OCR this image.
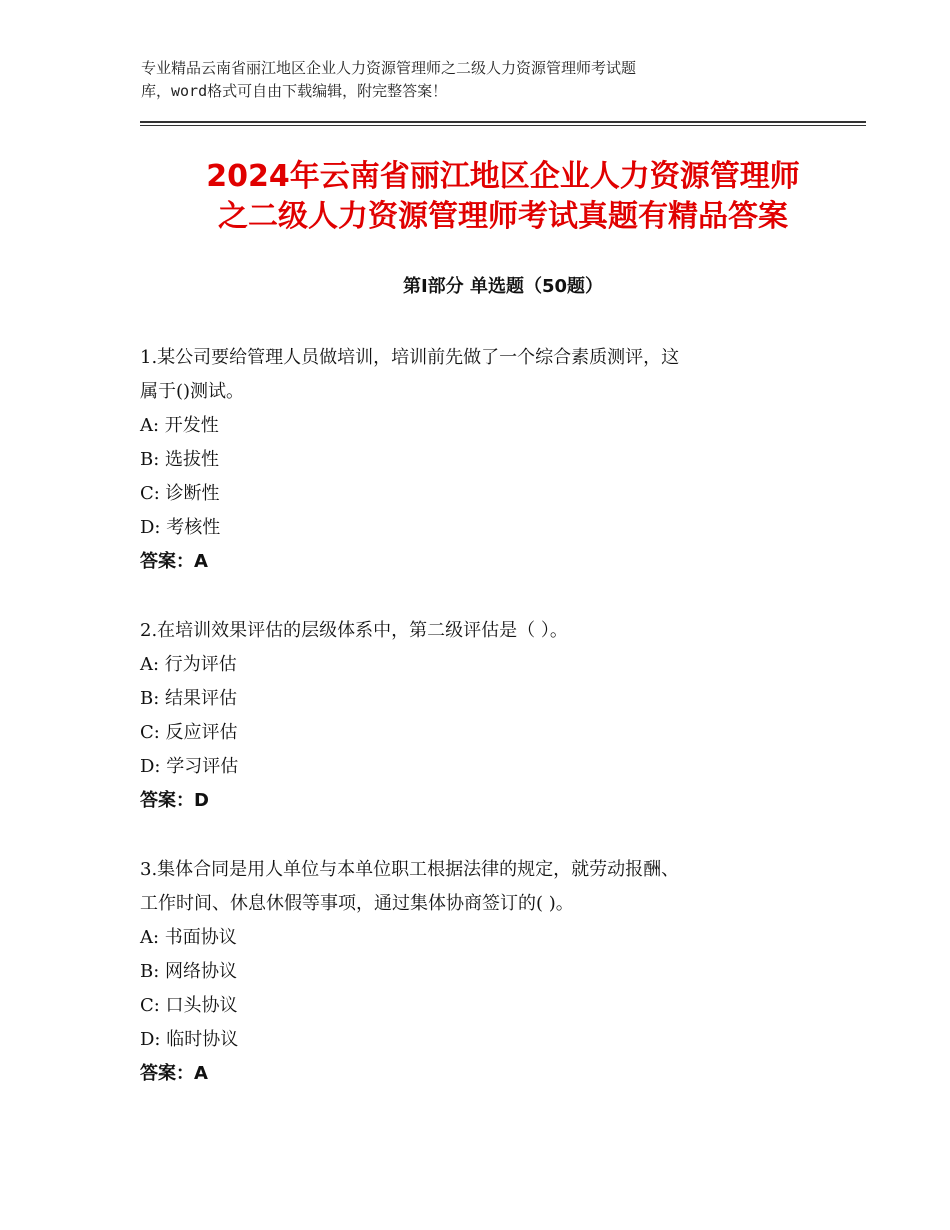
专业精品云南省丽江地区企业人力资源管理师之二级人力资源管理师考试题
库，word格式可自由下载编辑，附完整答案！
2024年云南省丽江地区企业人力资源管理师
之二级人力资源管理师考试真题有精品答案
第Ⅰ部分 单选题（50题）
1.某公司要给管理人员做培训，培训前先做了一个综合素质测评，这
属于()测试。
A: 开发性
B: 选拔性
C: 诊断性
D: 考核性
答案：A
2.在培训效果评估的层级体系中，第二级评估是（ ）。
A: 行为评估
B: 结果评估
C: 反应评估
D: 学习评估
答案：D
3.集体合同是用人单位与本单位职工根据法律的规定，就劳动报酬、
工作时间、休息休假等事项，通过集体协商签订的( )。
A: 书面协议
B: 网络协议
C: 口头协议
D: 临时协议
答案：A
